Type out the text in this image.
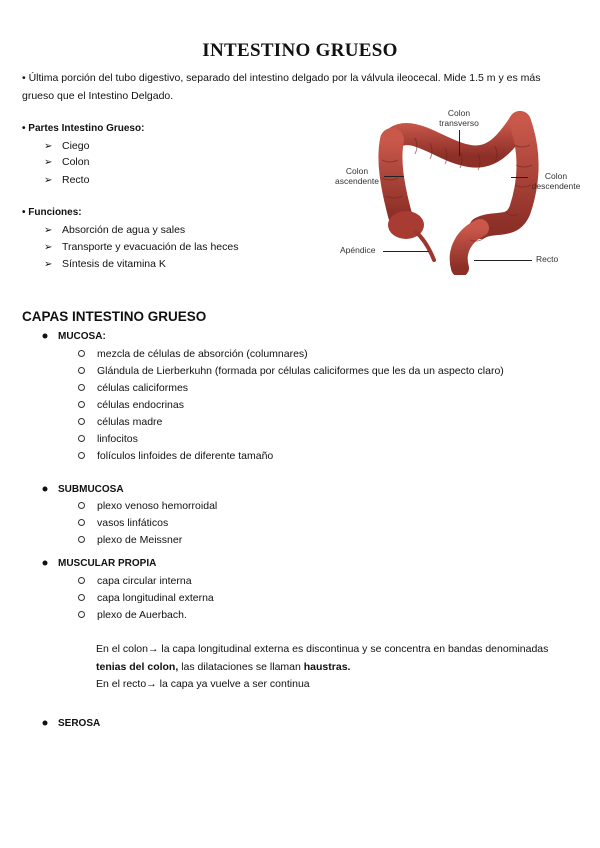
INTESTINO GRUESO
• Última porción del tubo digestivo, separado del intestino delgado por la válvula ileocecal. Mide 1.5 m y es más
grueso que el Intestino Delgado.
• Partes Intestino Grueso:
➢ Ciego
➢ Colon
➢ Recto
• Funciones:
➢ Absorción de agua y sales
➢ Transporte y evacuación de las heces
➢ Síntesis de vitamina K
Colon
transverso
Colon
ascendente	Colon
descendente
Apéndice
Recto
CAPAS INTESTINO GRUESO
MUCOSA:
mezcla de células de absorción (columnares)
Glándula de Lierberkuhn (formada por células caliciformes que les da un aspecto claro)
células caliciformes
células endocrinas
células madre
linfocitos
folículos linfoides de diferente tamaño
SUBMUCOSA
plexo venoso hemorroidal
vasos linfáticos
plexo de Meissner
MUSCULAR PROPIA
capa circular interna
capa longitudinal externa
plexo de Auerbach.
En el colon→ la capa longitudinal externa es discontinua y se concentra en bandas denominadas
tenias del colon, las dilataciones se llaman haustras.
En el recto→ la capa ya vuelve a ser continua
SEROSA
